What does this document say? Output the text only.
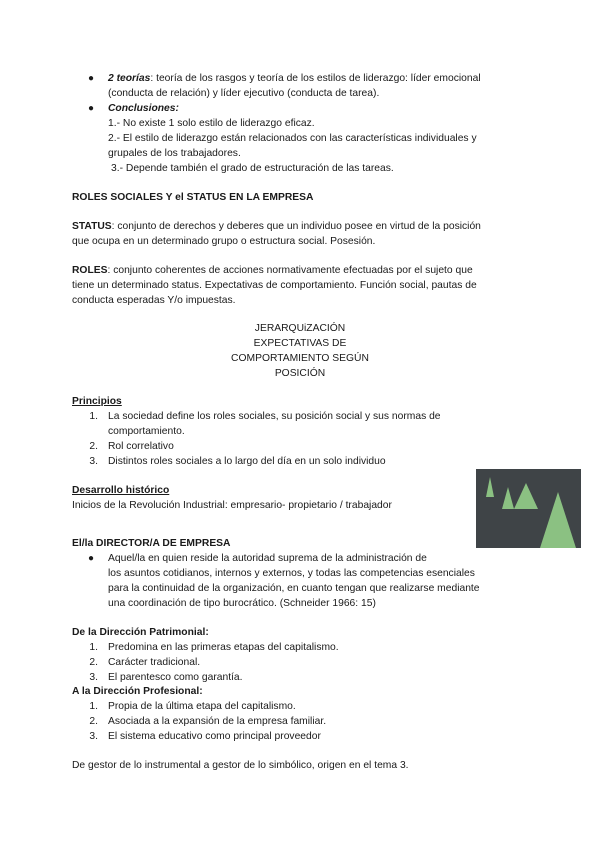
● 2 teorías: teoría de los rasgos y teoría de los estilos de liderazgo: líder emocional
(conducta de relación) y líder ejecutivo (conducta de tarea).
● Conclusiones:
1.- No existe 1 solo estilo de liderazgo eficaz.
2.- El estilo de liderazgo están relacionados con las características individuales y
grupales de los trabajadores.
3.- Depende también el grado de estructuración de las tareas.
ROLES SOCIALES Y el STATUS EN LA EMPRESA
STATUS: conjunto de derechos y deberes que un individuo posee en virtud de la posición
que ocupa en un determinado grupo o estructura social. Posesión.
ROLES: conjunto coherentes de acciones normativamente efectuadas por el sujeto que
tiene un determinado status. Expectativas de comportamiento. Función social, pautas de
conducta esperadas Y/o impuestas.
JERARQUiZACIÓN
EXPECTATIVAS DE
COMPORTAMIENTO SEGÚN
POSICIÓN
Principios
1. La sociedad define los roles sociales, su posición social y sus normas de
comportamiento.
2. Rol correlativo
3. Distintos roles sociales a lo largo del día en un solo individuo
Desarrollo histórico
Inicios de la Revolución Industrial: empresario- propietario / trabajador
El/la DIRECTOR/A DE EMPRESA
● Aquel/la en quien reside la autoridad suprema de la administración de
los asuntos cotidianos, internos y externos, y todas las competencias esenciales
para la continuidad de la organización, en cuanto tengan que realizarse mediante
una coordinación de tipo burocrático. (Schneider 1966: 15)
De la Dirección Patrimonial:
1. Predomina en las primeras etapas del capitalismo.
2. Carácter tradicional.
3. El parentesco como garantía.
A la Dirección Profesional:
1. Propia de la última etapa del capitalismo.
2. Asociada a la expansión de la empresa familiar.
3. El sistema educativo como principal proveedor
De gestor de lo instrumental a gestor de lo simbólico, origen en el tema 3.
